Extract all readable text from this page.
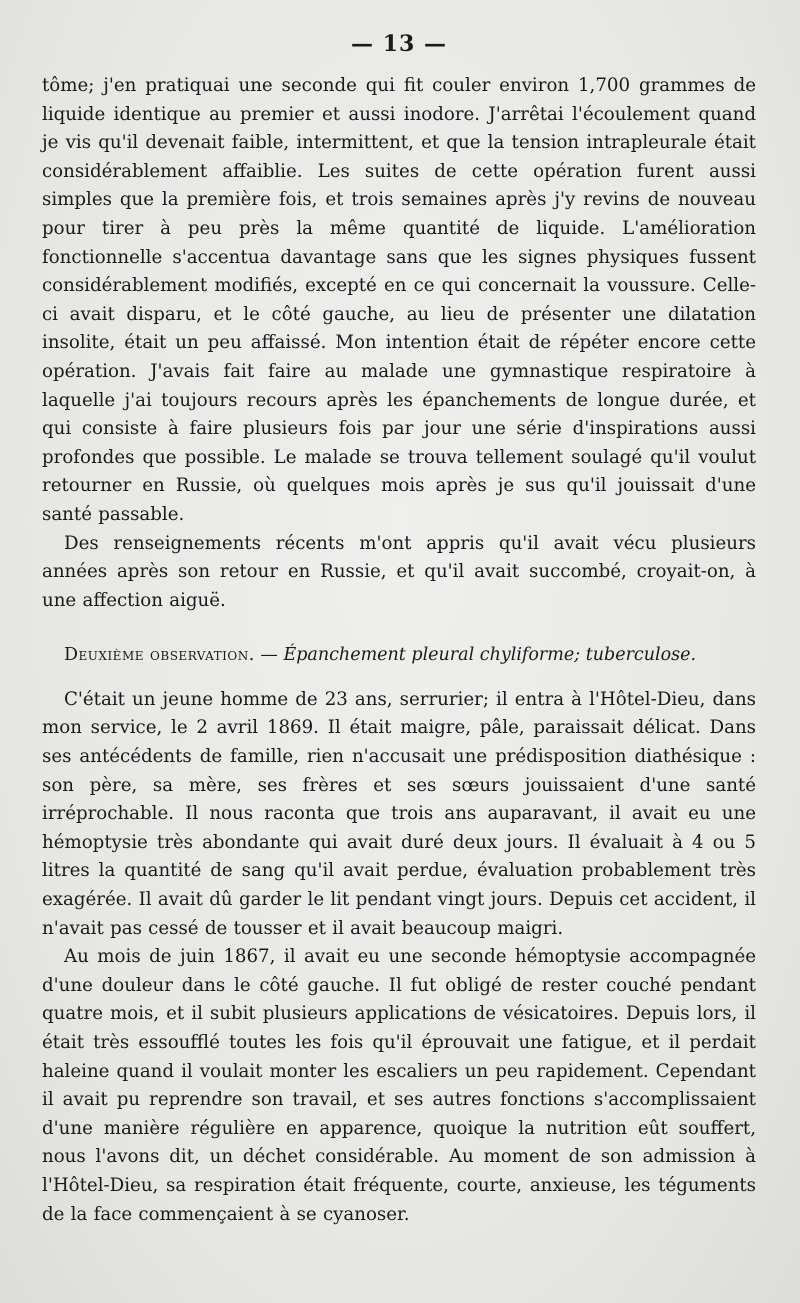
— 13 —

tôme; j'en pratiquai une seconde qui fit couler environ 1,700 grammes de liquide identique au premier et aussi inodore. J'arrêtai l'écoulement quand je vis qu'il devenait faible, intermittent, et que la tension intrapleurale était considérablement affaiblie. Les suites de cette opération furent aussi simples que la première fois, et trois semaines après j'y revins de nouveau pour tirer à peu près la même quantité de liquide. L'amélioration fonctionnelle s'accentua davantage sans que les signes physiques fussent considérablement modifiés, excepté en ce qui concernait la voussure. Celle-ci avait disparu, et le côté gauche, au lieu de présenter une dilatation insolite, était un peu affaissé. Mon intention était de répéter encore cette opération. J'avais fait faire au malade une gymnastique respiratoire à laquelle j'ai toujours recours après les épanchements de longue durée, et qui consiste à faire plusieurs fois par jour une série d'inspirations aussi profondes que possible. Le malade se trouva tellement soulagé qu'il voulut retourner en Russie, où quelques mois après je sus qu'il jouissait d'une santé passable.

Des renseignements récents m'ont appris qu'il avait vécu plusieurs années après son retour en Russie, et qu'il avait succombé, croyait-on, à une affection aiguë.

Deuxième observation. — Épanchement pleural chyliforme; tuberculose.

C'était un jeune homme de 23 ans, serrurier; il entra à l'Hôtel-Dieu, dans mon service, le 2 avril 1869. Il était maigre, pâle, paraissait délicat. Dans ses antécédents de famille, rien n'accusait une prédisposition diathésique : son père, sa mère, ses frères et ses sœurs jouissaient d'une santé irréprochable. Il nous raconta que trois ans auparavant, il avait eu une hémoptysie très abondante qui avait duré deux jours. Il évaluait à 4 ou 5 litres la quantité de sang qu'il avait perdue, évaluation probablement très exagérée. Il avait dû garder le lit pendant vingt jours. Depuis cet accident, il n'avait pas cessé de tousser et il avait beaucoup maigri.

Au mois de juin 1867, il avait eu une seconde hémoptysie accompagnée d'une douleur dans le côté gauche. Il fut obligé de rester couché pendant quatre mois, et il subit plusieurs applications de vésicatoires. Depuis lors, il était très essoufflé toutes les fois qu'il éprouvait une fatigue, et il perdait haleine quand il voulait monter les escaliers un peu rapidement. Cependant il avait pu reprendre son travail, et ses autres fonctions s'accomplissaient d'une manière régulière en apparence, quoique la nutrition eût souffert, nous l'avons dit, un déchet considérable. Au moment de son admission à l'Hôtel-Dieu, sa respiration était fréquente, courte, anxieuse, les téguments de la face commençaient à se cyanoser.
